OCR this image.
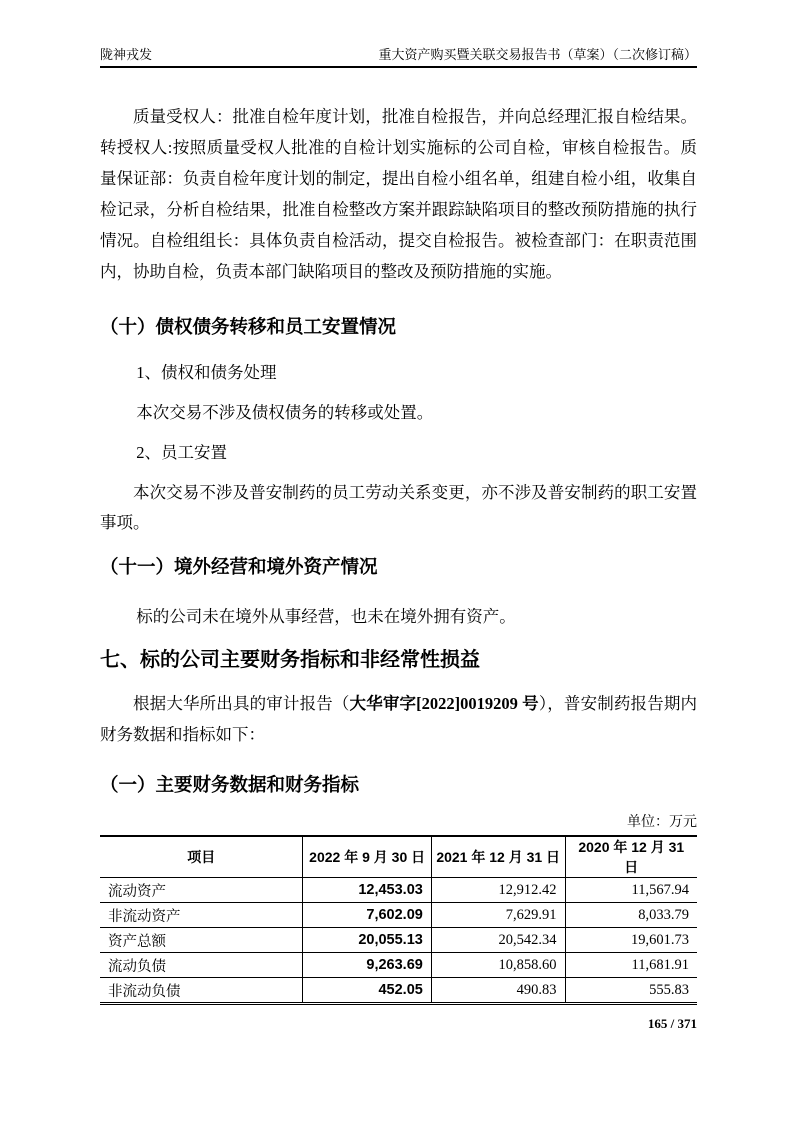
陇神戎发	重大资产购买暨关联交易报告书（草案）（二次修订稿）

质量受权人：批准自检年度计划，批准自检报告，并向总经理汇报自检结果。转授权人:按照质量受权人批准的自检计划实施标的公司自检，审核自检报告。质量保证部：负责自检年度计划的制定，提出自检小组名单，组建自检小组，收集自检记录，分析自检结果，批准自检整改方案并跟踪缺陷项目的整改预防措施的执行情况。自检组组长：具体负责自检活动，提交自检报告。被检查部门：在职责范围内，协助自检，负责本部门缺陷项目的整改及预防措施的实施。

（十）债权债务转移和员工安置情况

1、债权和债务处理

本次交易不涉及债权债务的转移或处置。

2、员工安置

本次交易不涉及普安制药的员工劳动关系变更，亦不涉及普安制药的职工安置事项。

（十一）境外经营和境外资产情况

标的公司未在境外从事经营，也未在境外拥有资产。

七、标的公司主要财务指标和非经常性损益

根据大华所出具的审计报告（大华审字[2022]0019209 号），普安制药报告期内财务数据和指标如下：

（一）主要财务数据和财务指标
单位：万元
项目	2022 年 9 月 30 日	2021 年 12 月 31 日	2020 年 12 月 31 日
流动资产	12,453.03	12,912.42	11,567.94
非流动资产	7,602.09	7,629.91	8,033.79
资产总额	20,055.13	20,542.34	19,601.73
流动负债	9,263.69	10,858.60	11,681.91
非流动负债	452.05	490.83	555.83
165 / 371
